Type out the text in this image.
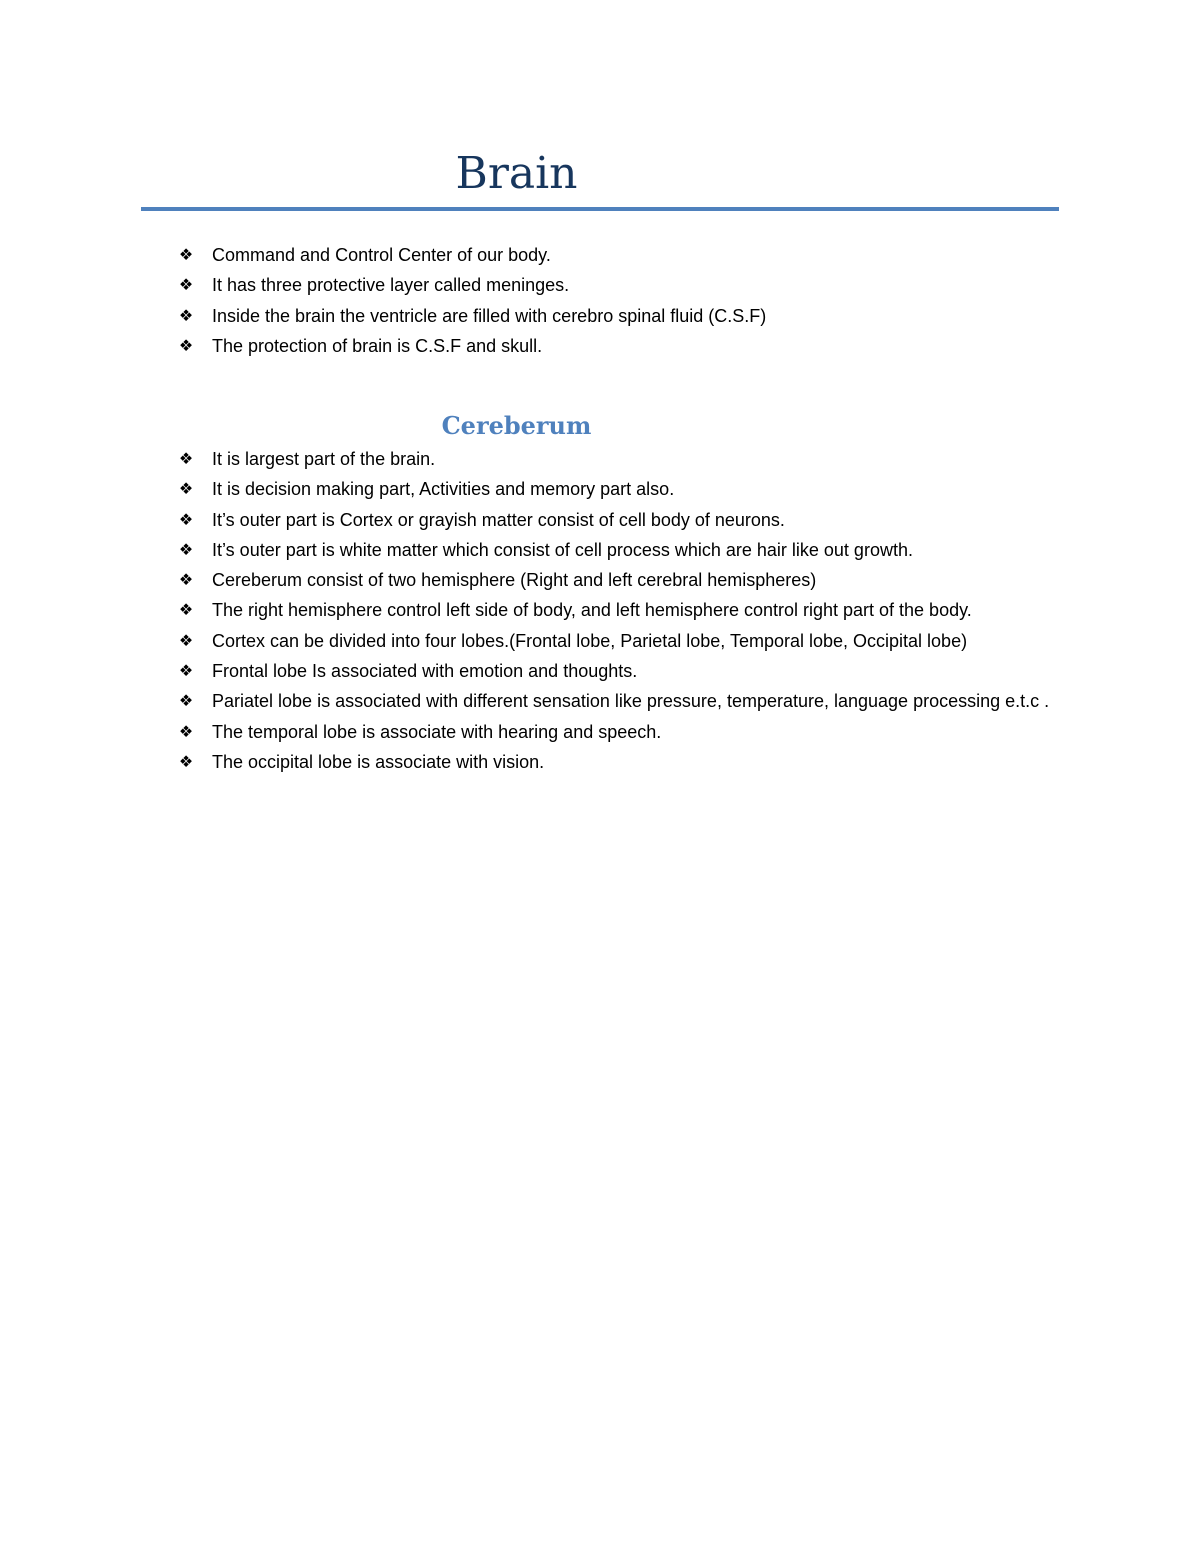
Brain
❖ Command and Control Center of our body.
❖ It has three protective layer called meninges.
❖ Inside the brain the ventricle are filled with cerebro spinal fluid (C.S.F)
❖ The protection of brain is C.S.F and skull.
Cereberum
❖ It is largest part of the brain.
❖ It is decision making part, Activities and memory part also.
❖ It’s outer part is Cortex or grayish matter consist of cell body of neurons.
❖ It’s outer part is white matter which consist of cell process which are hair like out growth.
❖ Cereberum consist of two hemisphere (Right and left cerebral hemispheres)
❖ The right hemisphere control left side of body, and left hemisphere control right part of the body.
❖ Cortex can be divided into four lobes.(Frontal lobe, Parietal lobe, Temporal lobe, Occipital lobe)
❖ Frontal lobe Is associated with emotion and thoughts.
❖ Pariatel lobe is associated with different sensation like pressure, temperature, language processing e.t.c .
❖ The temporal lobe is associate with hearing and speech.
❖ The occipital lobe is associate with vision.
